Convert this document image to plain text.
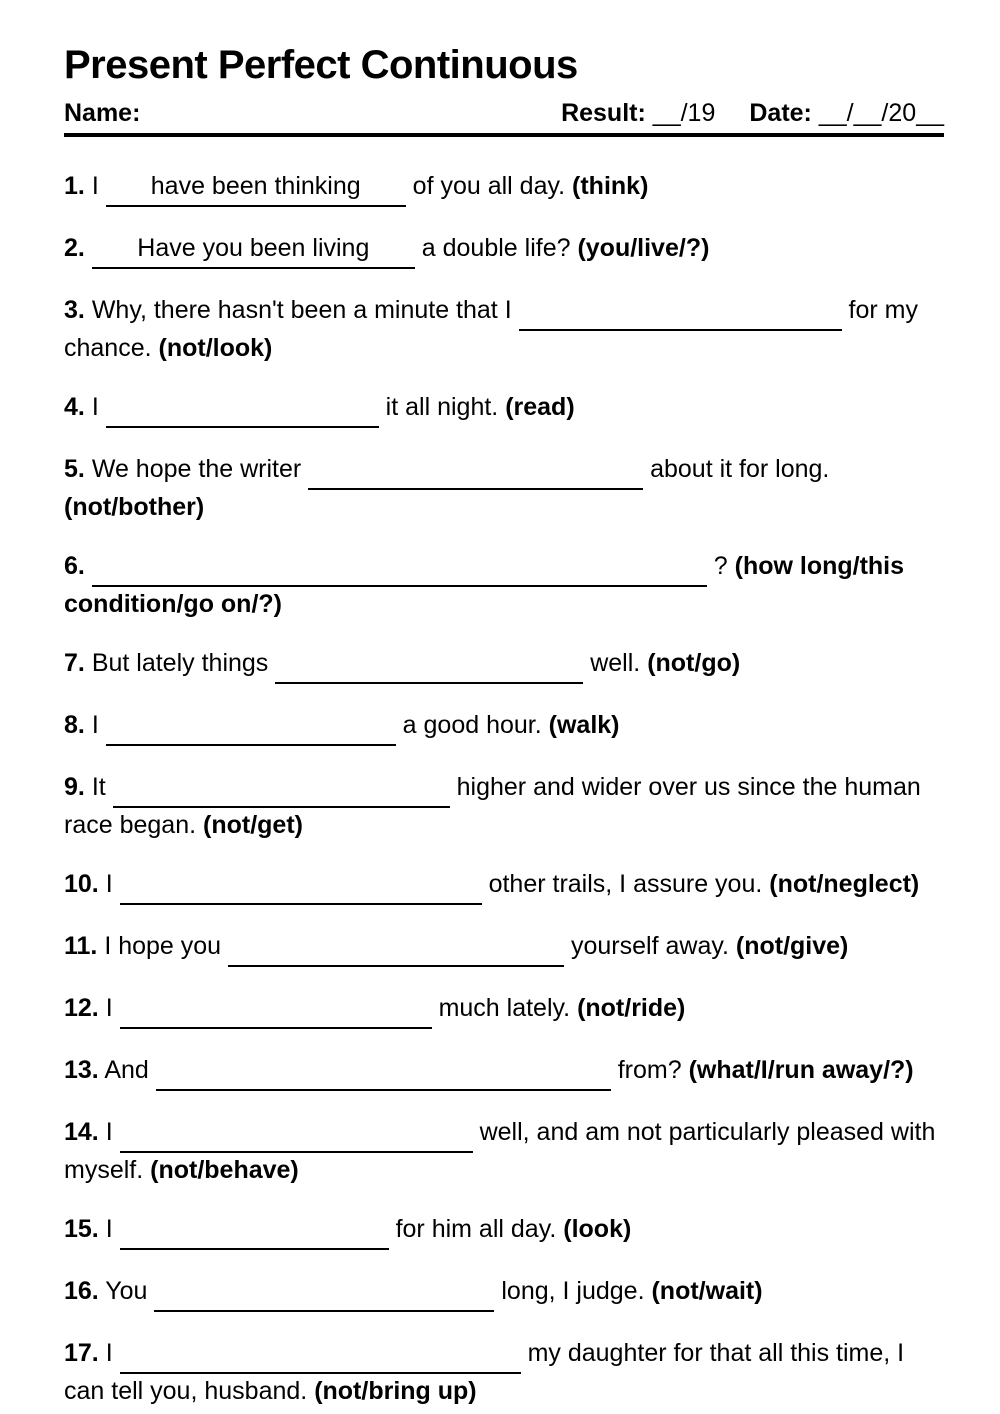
Present Perfect Continuous
Name:	Result: __/19 Date: __/__/20__

1. I have been thinking of you all day. (think)

2. Have you been living a double life? (you/live/?)

3. Why, there hasn't been a minute that I	for my chance. (not/look)

4. I	it all night. (read)

5. We hope the writer	about it for long. (not/bother)

6.	? (how long/this condition/go on/?)

7. But lately things	well. (not/go)

8. I	a good hour. (walk)

9. It	higher and wider over us since the human race began. (not/get)

10. I	other trails, I assure you. (not/neglect)

11. I hope you	yourself away. (not/give)

12. I	much lately. (not/ride)

13. And	from? (what/I/run away/?)

14. I	well, and am not particularly pleased with myself. (not/behave)

15. I	for him all day. (look)

16. You	long, I judge. (not/wait)

17. I	my daughter for that all this time, I can tell you, husband. (not/bring up)
